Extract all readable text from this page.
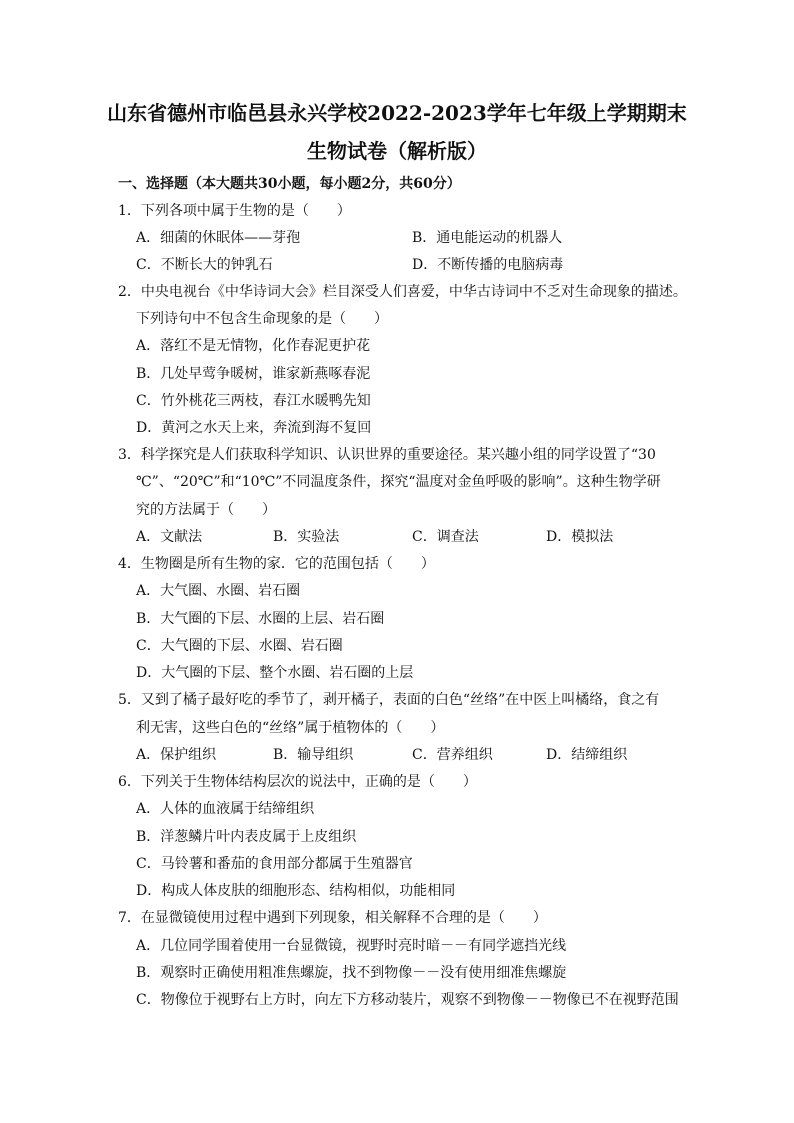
山东省德州市临邑县永兴学校2022-2023学年七年级上学期期末
生物试卷（解析版）
一、选择题（本大题共30小题，每小题2分，共60分）
1．下列各项中属于生物的是（　　）
A．细菌的休眠体——芽孢	B．通电能运动的机器人
C．不断长大的钟乳石	D．不断传播的电脑病毒
2．中央电视台《中华诗词大会》栏目深受人们喜爱，中华古诗词中不乏对生命现象的描述。
下列诗句中不包含生命现象的是（　　）
A．落红不是无情物，化作春泥更护花
B．几处早莺争暖树，谁家新燕啄春泥
C．竹外桃花三两枝，春江水暖鸭先知
D．黄河之水天上来，奔流到海不复回
3．科学探究是人们获取科学知识、认识世界的重要途径。某兴趣小组的同学设置了“30
℃”、“20℃”和“10℃”不同温度条件，探究“温度对金鱼呼吸的影响”。这种生物学研
究的方法属于（　　）
A．文献法	B．实验法	C．调查法	D．模拟法
4．生物圈是所有生物的家．它的范围包括（　　）
A．大气圈、水圈、岩石圈
B．大气圈的下层、水圈的上层、岩石圈
C．大气圈的下层、水圈、岩石圈
D．大气圈的下层、整个水圈、岩石圈的上层
5．又到了橘子最好吃的季节了，剥开橘子，表面的白色“丝络”在中医上叫橘络，食之有
利无害，这些白色的“丝络”属于植物体的（　　）
A．保护组织	B．输导组织	C．营养组织	D．结缔组织
6．下列关于生物体结构层次的说法中，正确的是（　　）
A．人体的血液属于结缔组织
B．洋葱鳞片叶内表皮属于上皮组织
C．马铃薯和番茄的食用部分都属于生殖器官
D．构成人体皮肤的细胞形态、结构相似，功能相同
7．在显微镜使用过程中遇到下列现象，相关解释不合理的是（　　）
A．几位同学围着使用一台显微镜，视野时亮时暗－－有同学遮挡光线
B．观察时正确使用粗准焦螺旋，找不到物像－－没有使用细准焦螺旋
C．物像位于视野右上方时，向左下方移动装片，观察不到物像－－物像已不在视野范围
